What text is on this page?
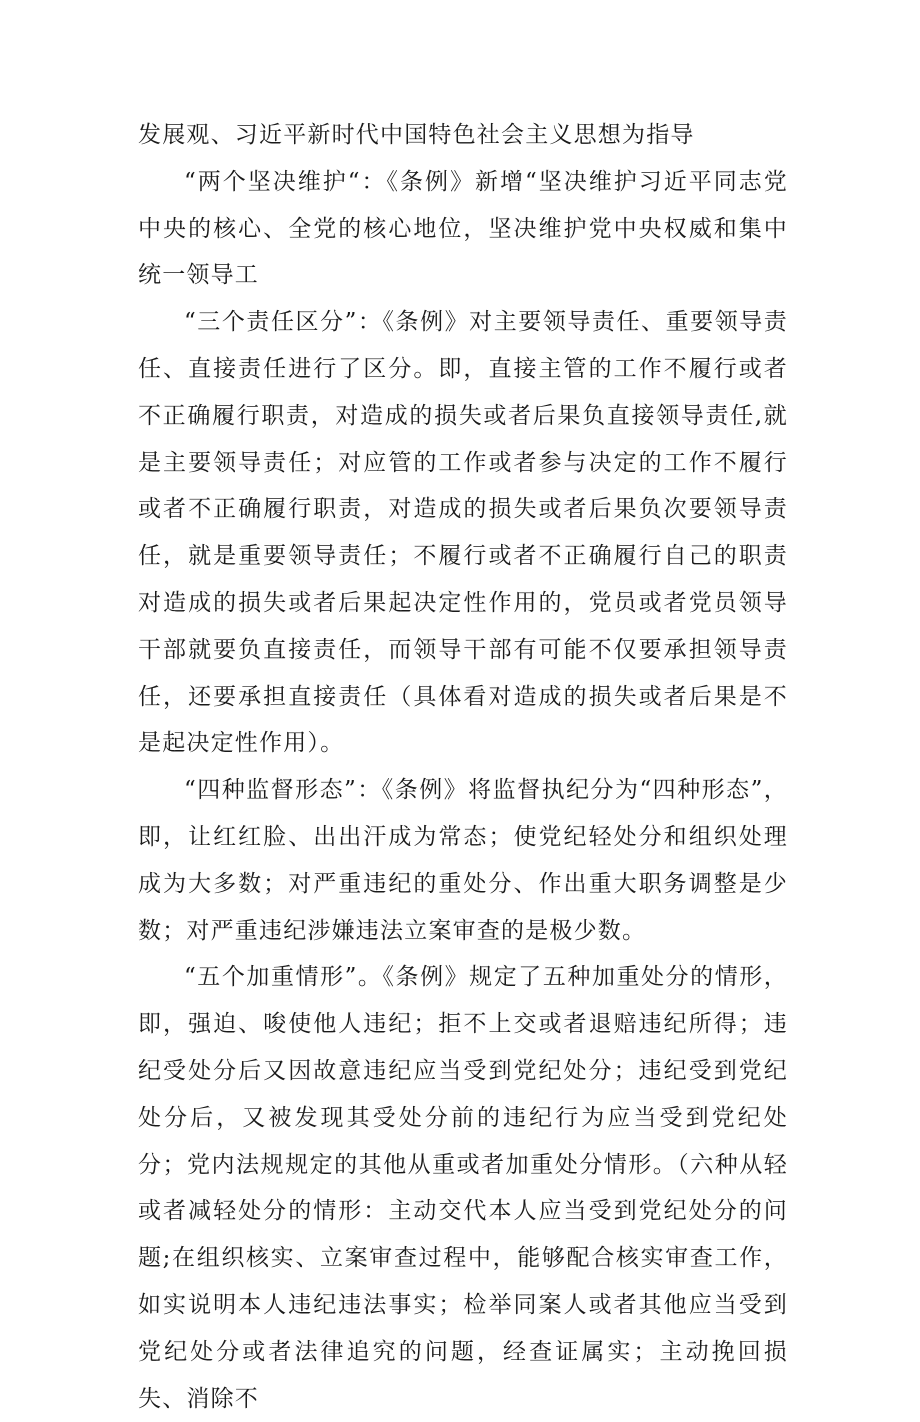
发展观、习近平新时代中国特色社会主义思想为指导

“两个坚决维护“：《条例》新增“坚决维护习近平同志党中央的核心、全党的核心地位，坚决维护党中央权威和集中统一领导工

“三个责任区分”：《条例》对主要领导责任、重要领导责任、直接责任进行了区分。即，直接主管的工作不履行或者不正确履行职责，对造成的损失或者后果负直接领导责任,就是主要领导责任；对应管的工作或者参与决定的工作不履行或者不正确履行职责，对造成的损失或者后果负次要领导责任，就是重要领导责任；不履行或者不正确履行自己的职责对造成的损失或者后果起决定性作用的，党员或者党员领导干部就要负直接责任，而领导干部有可能不仅要承担领导责任，还要承担直接责任（具体看对造成的损失或者后果是不是起决定性作用）。

“四种监督形态”：《条例》将监督执纪分为“四种形态”，即，让红红脸、出出汗成为常态；使党纪轻处分和组织处理成为大多数；对严重违纪的重处分、作出重大职务调整是少数；对严重违纪涉嫌违法立案审查的是极少数。

“五个加重情形”。《条例》规定了五种加重处分的情形，即，强迫、唆使他人违纪；拒不上交或者退赔违纪所得；违纪受处分后又因故意违纪应当受到党纪处分；违纪受到党纪处分后，又被发现其受处分前的违纪行为应当受到党纪处分；党内法规规定的其他从重或者加重处分情形。（六种从轻或者减轻处分的情形：主动交代本人应当受到党纪处分的问题;在组织核实、立案审查过程中，能够配合核实审查工作，如实说明本人违纪违法事实；检举同案人或者其他应当受到党纪处分或者法律追究的问题，经查证属实；主动挽回损失、消除不
